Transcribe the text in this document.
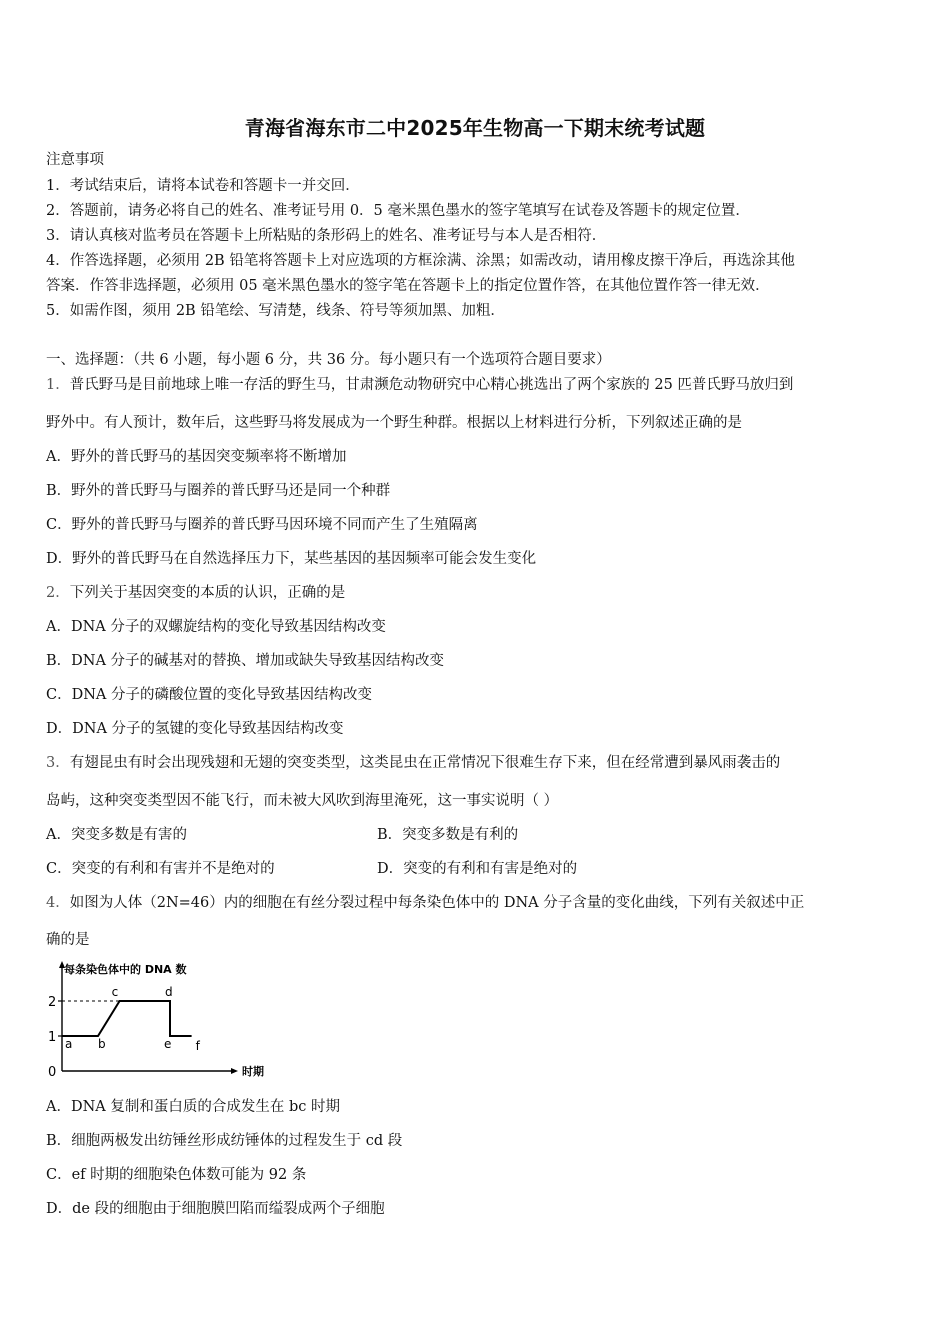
青海省海东市二中2025年生物高一下期末统考试题
注意事项
1．考试结束后，请将本试卷和答题卡一并交回．
2．答题前，请务必将自己的姓名、准考证号用 0．5 毫米黑色墨水的签字笔填写在试卷及答题卡的规定位置．
3．请认真核对监考员在答题卡上所粘贴的条形码上的姓名、准考证号与本人是否相符．
4．作答选择题，必须用 2B 铅笔将答题卡上对应选项的方框涂满、涂黑；如需改动，请用橡皮擦干净后，再选涂其他
答案．作答非选择题，必须用 05 毫米黑色墨水的签字笔在答题卡上的指定位置作答，在其他位置作答一律无效．
5．如需作图，须用 2B 铅笔绘、写清楚，线条、符号等须加黑、加粗．
一、选择题：（共 6 小题，每小题 6 分，共 36 分。每小题只有一个选项符合题目要求）
1．普氏野马是目前地球上唯一存活的野生马，甘肃濒危动物研究中心精心挑选出了两个家族的 25 匹普氏野马放归到
野外中。有人预计，数年后，这些野马将发展成为一个野生种群。根据以上材料进行分析，下列叙述正确的是
A．野外的普氏野马的基因突变频率将不断增加
B．野外的普氏野马与圈养的普氏野马还是同一个种群
C．野外的普氏野马与圈养的普氏野马因环境不同而产生了生殖隔离
D．野外的普氏野马在自然选择压力下，某些基因的基因频率可能会发生变化
2．下列关于基因突变的本质的认识，正确的是
A．DNA 分子的双螺旋结构的变化导致基因结构改变
B．DNA 分子的碱基对的替换、增加或缺失导致基因结构改变
C．DNA 分子的磷酸位置的变化导致基因结构改变
D．DNA 分子的氢键的变化导致基因结构改变
3．有翅昆虫有时会出现残翅和无翅的突变类型，这类昆虫在正常情况下很难生存下来，但在经常遭到暴风雨袭击的
岛屿，这种突变类型因不能飞行，而未被大风吹到海里淹死，这一事实说明（ ）
A．突变多数是有害的	B．突变多数是有利的
C．突变的有利和有害并不是绝对的	D．突变的有利和有害是绝对的
4．如图为人体（2N=46）内的细胞在有丝分裂过程中每条染色体中的 DNA 分子含量的变化曲线，下列有关叙述中正
确的是
每条染色体中的 DNA 数
时期
0
1
2
a b
c	d
e f
A．DNA 复制和蛋白质的合成发生在 bc 时期
B．细胞两极发出纺锤丝形成纺锤体的过程发生于 cd 段
C．ef 时期的细胞染色体数可能为 92 条
D．de 段的细胞由于细胞膜凹陷而缢裂成两个子细胞
